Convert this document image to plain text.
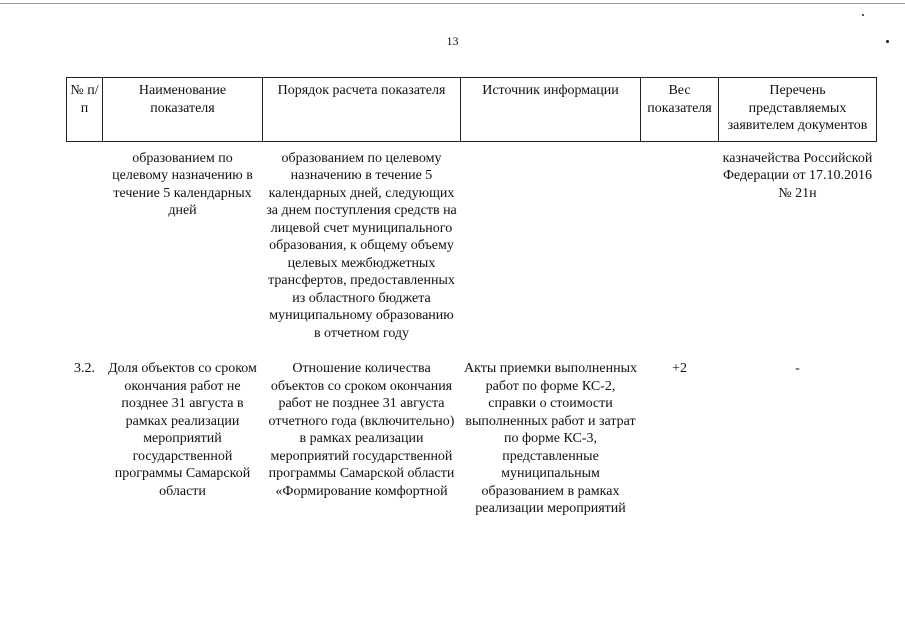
13
№ п/п	Наименование показателя	Порядок расчета показателя	Источник информации	Вес показателя	Перечень представляемых заявителем документов
	образованием по целевому назначению в течение 5 календарных дней	образованием по целевому назначению в течение 5 календарных дней, следующих за днем поступления средств на лицевой счет муниципального образования, к общему объему целевых межбюджетных трансфертов, предоставленных из областного бюджета муниципальному образованию в отчетном году			казначейства Российской Федерации от 17.10.2016 № 21н
3.2.	Доля объектов со сроком окончания работ не позднее 31 августа в рамках реализации мероприятий государственной программы Самарской области	Отношение количества объектов со сроком окончания работ не позднее 31 августа отчетного года (включительно) в рамках реализации мероприятий государственной программы Самарской области «Формирование комфортной	Акты приемки выполненных работ по форме КС-2, справки о стоимости выполненных работ и затрат по форме КС-3, представленные муниципальным образованием в рамках реализации мероприятий	+2	-
